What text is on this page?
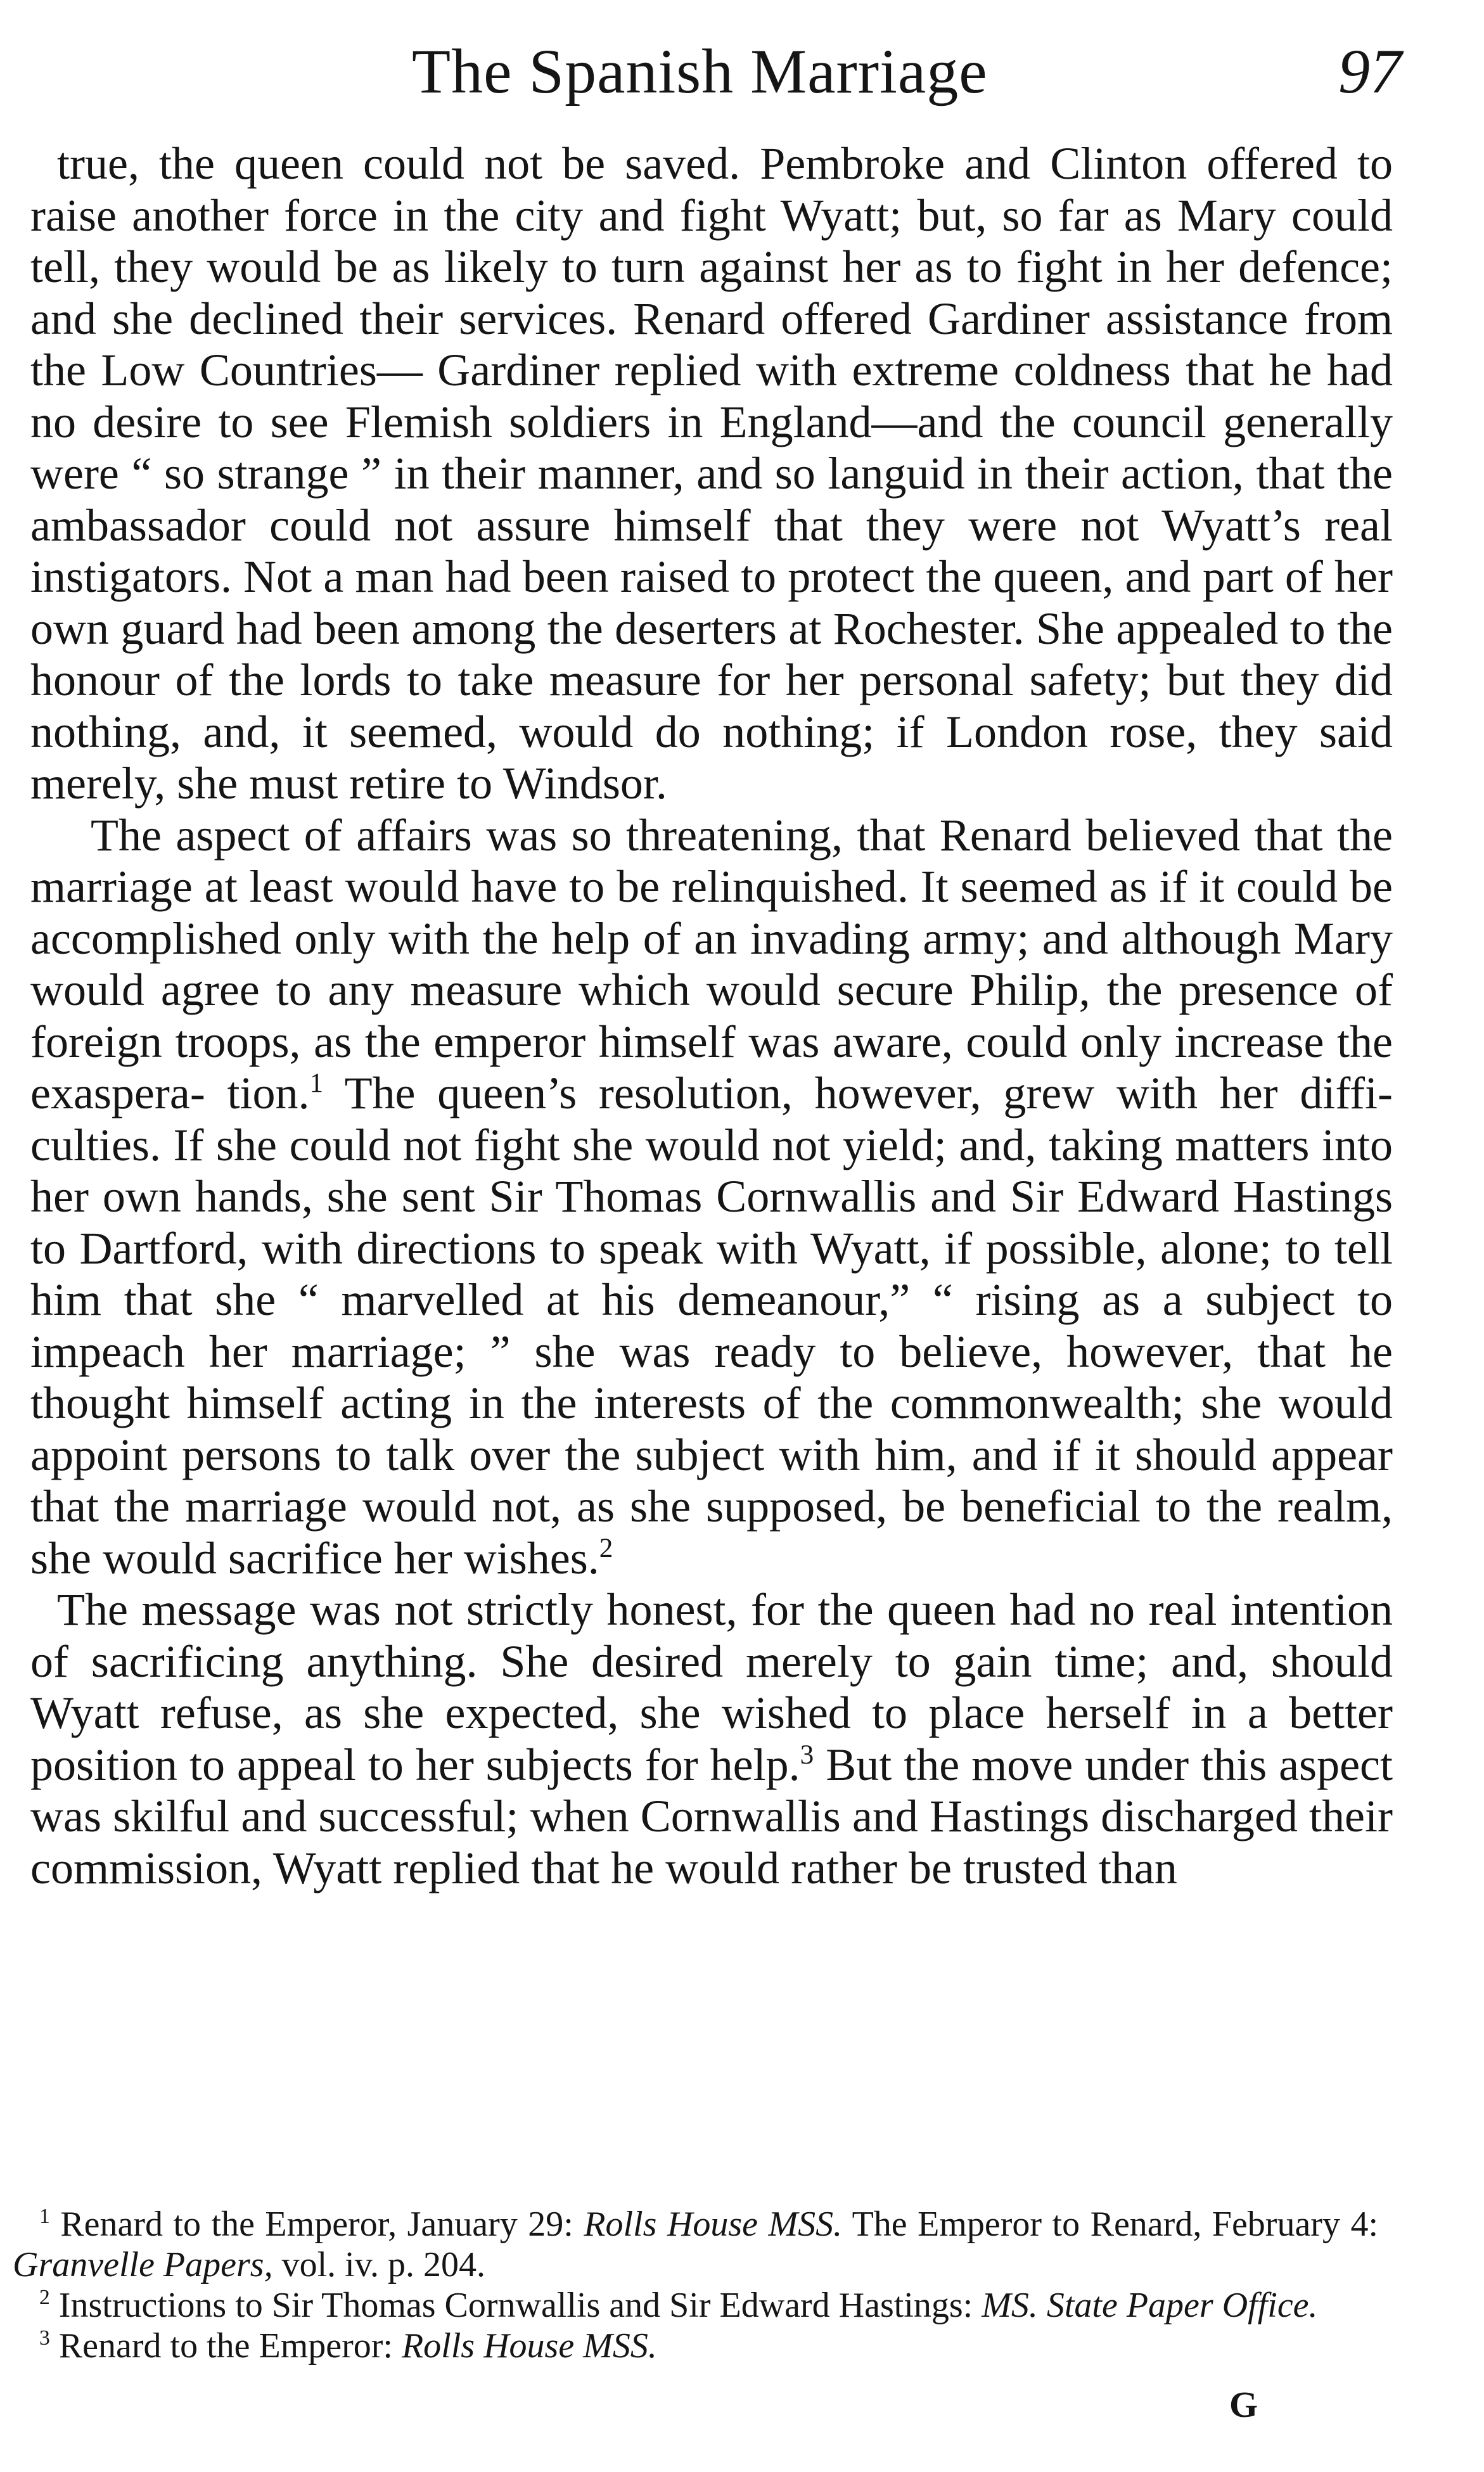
The Spanish Marriage	97

true, the queen could not be saved. Pembroke and Clinton offered to raise another force in the city and fight Wyatt; but, so far as Mary could tell, they would be as likely to turn against her as to fight in her defence; and she declined their services. Renard offered Gardiner assistance from the Low Countries— Gardiner replied with extreme coldness that he had no desire to see Flemish soldiers in England—and the council generally were “ so strange ” in their manner, and so languid in their action, that the ambassador could not assure himself that they were not Wyatt’s real instigators. Not a man had been raised to protect the queen, and part of her own guard had been among the deserters at Rochester. She appealed to the honour of the lords to take measure for her personal safety; but they did nothing, and, it seemed, would do nothing; if London rose, they said merely, she must retire to Windsor.

The aspect of affairs was so threatening, that Renard believed that the marriage at least would have to be relinquished. It seemed as if it could be accomplished only with the help of an invading army; and although Mary would agree to any measure which would secure Philip, the presence of foreign troops, as the emperor himself was aware, could only increase the exaspera- tion.$^1$ The queen’s resolution, however, grew with her diffi- culties. If she could not fight she would not yield; and, taking matters into her own hands, she sent Sir Thomas Cornwallis and Sir Edward Hastings to Dartford, with directions to speak with Wyatt, if possible, alone; to tell him that she “ marvelled at his demeanour,” “ rising as a subject to impeach her marriage; ” she was ready to believe, however, that he thought himself acting in the interests of the commonwealth; she would appoint persons to talk over the subject with him, and if it should appear that the marriage would not, as she supposed, be beneficial to the realm, she would sacrifice her wishes.$^2$

The message was not strictly honest, for the queen had no real intention of sacrificing anything. She desired merely to gain time; and, should Wyatt refuse, as she expected, she wished to place herself in a better position to appeal to her subjects for help.$^3$ But the move under this aspect was skilful and successful; when Cornwallis and Hastings discharged their commission, Wyatt replied that he would rather be trusted than

$^1$ Renard to the Emperor, January 29: Rolls House MSS. The Emperor to Renard, February 4: Granvelle Papers, vol. iv. p. 204.

$^2$ Instructions to Sir Thomas Cornwallis and Sir Edward Hastings: MS. State Paper Office.

$^3$ Renard to the Emperor: Rolls House MSS.

G
